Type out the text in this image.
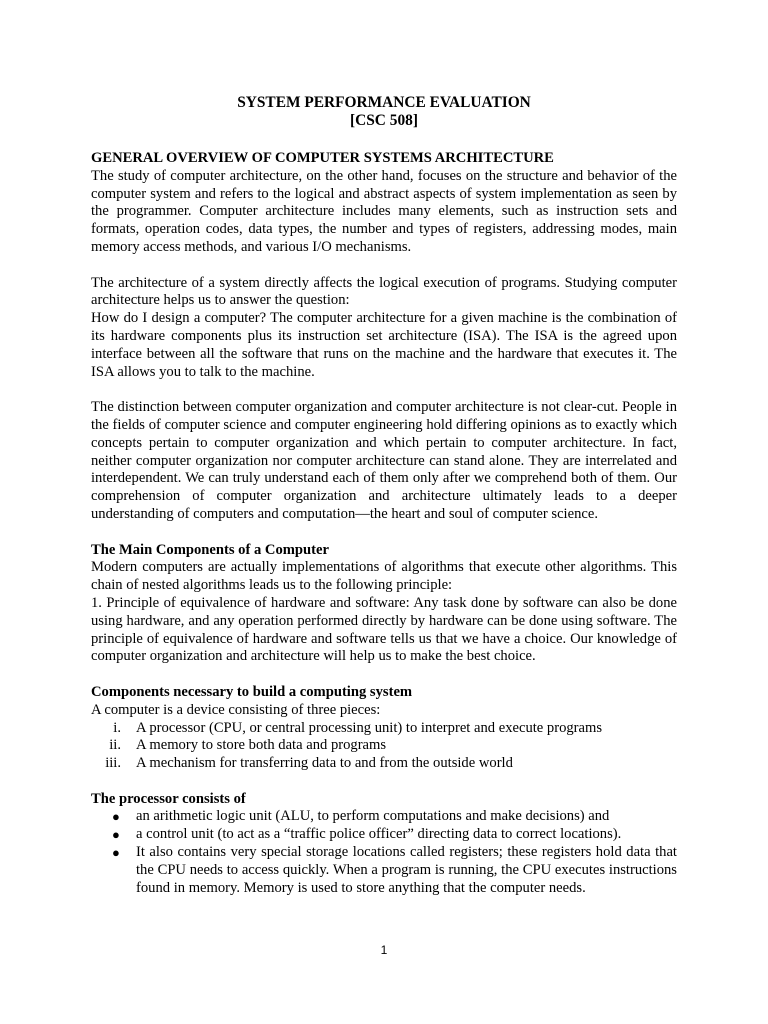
SYSTEM PERFORMANCE EVALUATION
[CSC 508]
GENERAL OVERVIEW OF COMPUTER SYSTEMS ARCHITECTURE

The study of computer architecture, on the other hand, focuses on the structure and behavior of the computer system and refers to the logical and abstract aspects of system implementation as seen by the programmer. Computer architecture includes many elements, such as instruction sets and formats, operation codes, data types, the number and types of registers, addressing modes, main memory access methods, and various I/O mechanisms.

The architecture of a system directly affects the logical execution of programs. Studying computer architecture helps us to answer the question:

How do I design a computer? The computer architecture for a given machine is the combination of its hardware components plus its instruction set architecture (ISA). The ISA is the agreed upon interface between all the software that runs on the machine and the hardware that executes it. The ISA allows you to talk to the machine.

The distinction between computer organization and computer architecture is not clear-cut. People in the fields of computer science and computer engineering hold differing opinions as to exactly which concepts pertain to computer organization and which pertain to computer architecture. In fact, neither computer organization nor computer architecture can stand alone. They are interrelated and interdependent. We can truly understand each of them only after we comprehend both of them. Our comprehension of computer organization and architecture ultimately leads to a deeper understanding of computers and computation—the heart and soul of computer science.

The Main Components of a Computer

Modern computers are actually implementations of algorithms that execute other algorithms. This chain of nested algorithms leads us to the following principle:

1. Principle of equivalence of hardware and software: Any task done by software can also be done using hardware, and any operation performed directly by hardware can be done using software. The principle of equivalence of hardware and software tells us that we have a choice. Our knowledge of computer organization and architecture will help us to make the best choice.

Components necessary to build a computing system

A computer is a device consisting of three pieces:

i. A processor (CPU, or central processing unit) to interpret and execute programs
ii. A memory to store both data and programs
iii. A mechanism for transferring data to and from the outside world
The processor consists of
● an arithmetic logic unit (ALU, to perform computations and make decisions) and
● a control unit (to act as a “traffic police officer” directing data to correct locations).
● It also contains very special storage locations called registers; these registers hold data that the CPU needs to access quickly. When a program is running, the CPU executes instructions found in memory. Memory is used to store anything that the computer needs.
1
